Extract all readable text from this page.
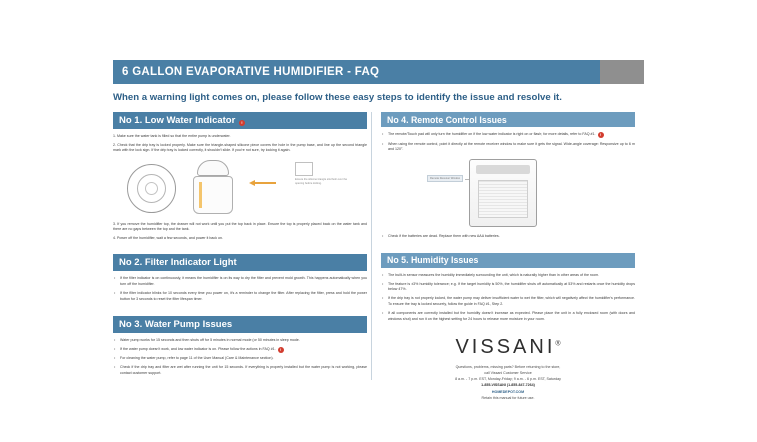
6 GALLON EVAPORATIVE HUMIDIFIER - FAQ
When a warning light comes on, please follow these easy steps to identify the issue and resolve it.
No 1. Low Water Indicator !

1. Make sure the water tank is filled so that the entire pump is underwater.

2. Check that the drip tray is locked properly. Make sure the triangle-shaped silicone piece covers the hole in the pump base, and line up the second triangle mark with the lock sign. If the drip tray is locked correctly, it shouldn't slide. If you're not sure, try locking it again.

Ensure the silicone triangle sits flush over the opening before locking.

3. If you remove the humidifier top, the drawer will not work until you put the top back in place. Ensure the top is properly placed back on the water tank and there are no gaps between the top and the tank.

4. Power off the humidifier, wait a few seconds, and power it back on.

No 2. Filter Indicator Light
• If the filter indicator is on continuously, it means the humidifier is on its way to dry the filter and prevent mold growth. This happens automatically when you turn off the humidifier.
• If the filter indicator blinks for 10 seconds every time you power on, it's a reminder to change the filter. After replacing the filter, press and hold the power button for 3 seconds to reset the filter lifespan timer.
No 3. Water Pump Issues
• Water pump works for 15 seconds and then shuts off for 5 minutes in normal mode (or 50 minutes in sleep mode.
• If the water pump doesn't work, and low water indicator is on. Please follow the actions in FAQ #1. !
• For cleaning the water pump, refer to page 11 of the User Manual (Care & Maintenance section).
• Check if the drip tray and filter are wet after running the unit for 15 seconds. If everything is properly installed but the water pump is not working, please contact customer support.
No 4. Remote Control Issues
• The remote/Touch pad will only turn the humidifier on if the low water indicator is right on or flash; for more details, refer to FAQ #1. !
• When using the remote control, point it directly at the remote receiver window to make sure it gets the signal. Wide-angle coverage: Responsive up to 6 m and 120°.
Remote Receiver Window
• Check if the batteries are dead. Replace them with new AAA batteries.
No 5. Humidity Issues
• The built-in sensor measures the humidity immediately surrounding the unit, which is naturally higher than in other areas of the room.
• The feature is ±3% humidity tolerance; e.g. If the target humidity is 50%, the humidifier shuts off automatically at 53% and restarts once the humidity drops below 47%.
• If the drip tray is not properly locked, the water pump may deliver insufficient water to wet the filter, which will negatively affect the humidifier's performance. To ensure the tray is locked securely, follow the guide in FAQ #1, Step 2.
• If all components are correctly installed but the humidity doesn't increase as expected. Please place the unit in a fully enclosed room (with doors and windows shut) and run it on the highest setting for 24 hours to release more moisture in your room.
VISSANI®
Questions, problems, missing parts? Before returning to the store,
call Vissani Customer Service
8 a.m. - 7 p.m. EST, Monday-Friday; 9 a.m. - 6 p.m. EST, Saturday
1-855-VISSANI (1-855-847-7264)
HOMEDEPOT.COM
Retain this manual for future use.
